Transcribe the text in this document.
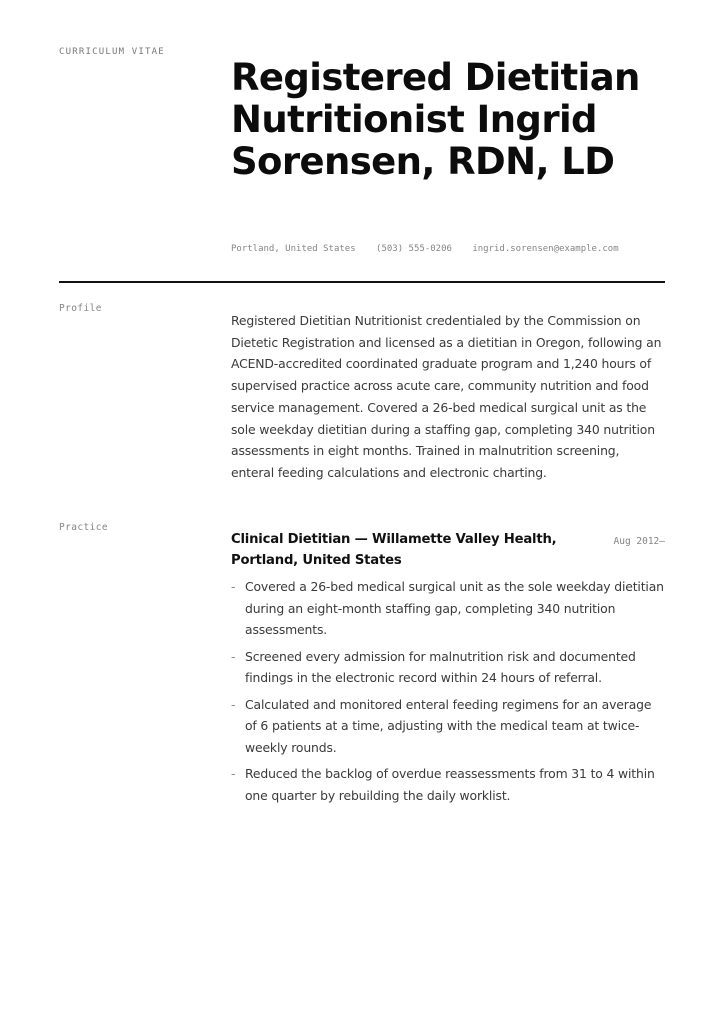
CURRICULUM VITAE
Registered Dietitian Nutritionist Ingrid Sorensen, RDN, LD
Portland, United States (503) 555-0206 ingrid.sorensen@example.com
Profile

Registered Dietitian Nutritionist credentialed by the Commission on Dietetic Registration and licensed as a dietitian in Oregon, following an ACEND-accredited coordinated graduate program and 1,240 hours of supervised practice across acute care, community nutrition and food service management. Covered a 26-bed medical surgical unit as the sole weekday dietitian during a staffing gap, completing 340 nutrition assessments in eight months. Trained in malnutrition screening, enteral feeding calculations and electronic charting.

Practice
Clinical Dietitian — Willamette Valley Health, Portland, United States
Aug 2012–
- Covered a 26-bed medical surgical unit as the sole weekday dietitian during an eight-month staffing gap, completing 340 nutrition assessments.
- Screened every admission for malnutrition risk and documented findings in the electronic record within 24 hours of referral.
- Calculated and monitored enteral feeding regimens for an average of 6 patients at a time, adjusting with the medical team at twice-weekly rounds.
- Reduced the backlog of overdue reassessments from 31 to 4 within one quarter by rebuilding the daily worklist.
